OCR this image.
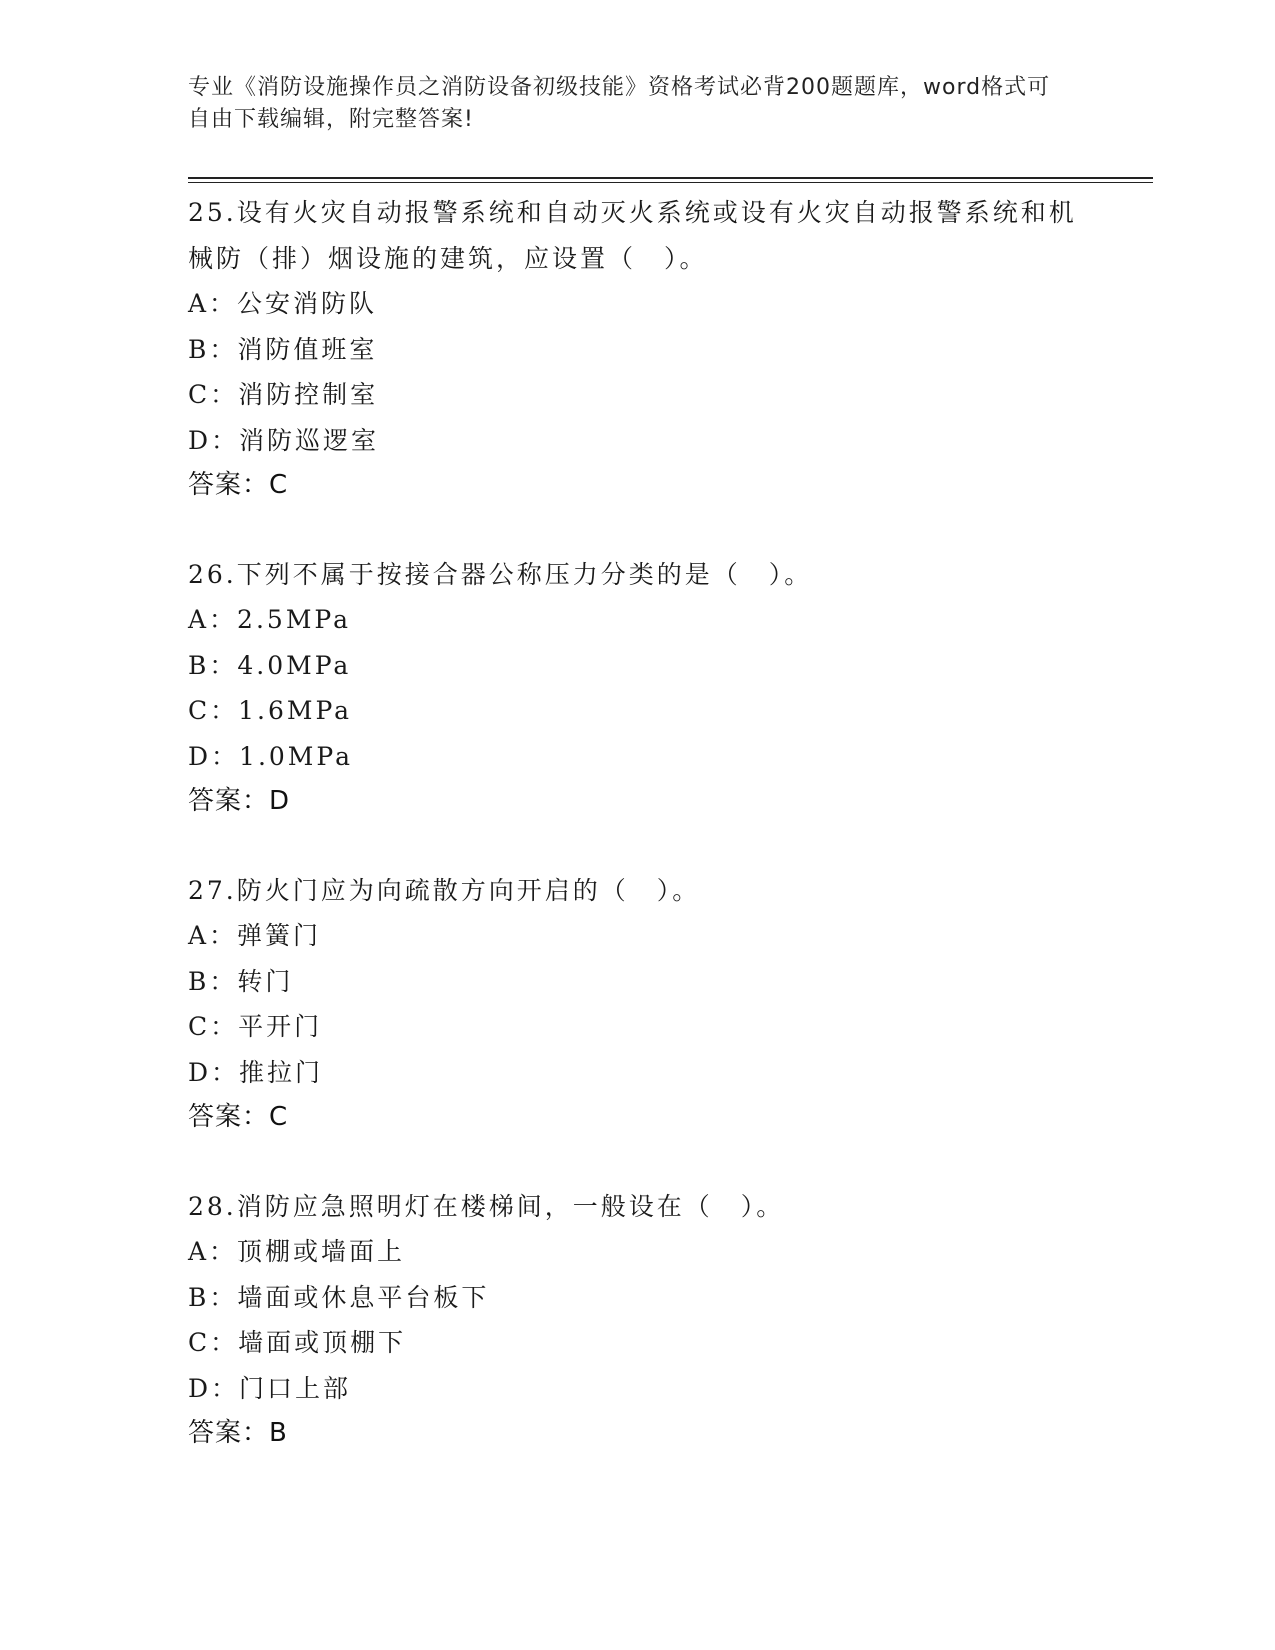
专业《消防设施操作员之消防设备初级技能》资格考试必背200题题库，word格式可自由下载编辑，附完整答案!
25.设有火灾自动报警系统和自动灭火系统或设有火灾自动报警系统和机械防（排）烟设施的建筑，应设置（　）。
A：公安消防队
B：消防值班室
C：消防控制室
D：消防巡逻室
答案：C
26.下列不属于按接合器公称压力分类的是（　）。
A：2.5MPa
B：4.0MPa
C：1.6MPa
D：1.0MPa
答案：D
27.防火门应为向疏散方向开启的（　）。
A：弹簧门
B：转门
C：平开门
D：推拉门
答案：C
28.消防应急照明灯在楼梯间，一般设在（　）。
A：顶棚或墙面上
B：墙面或休息平台板下
C：墙面或顶棚下
D：门口上部
答案：B
